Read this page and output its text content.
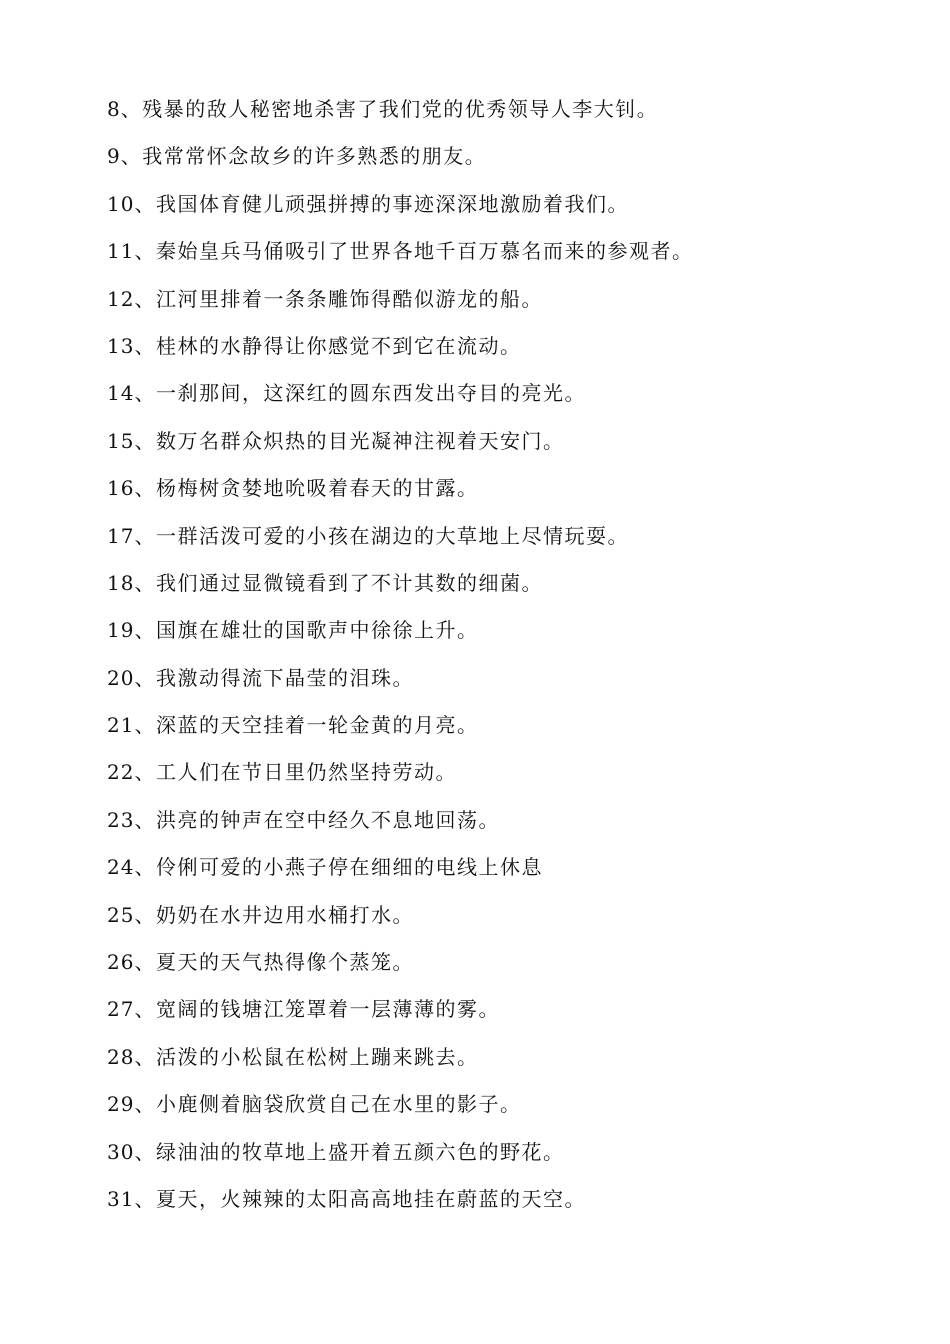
8、残暴的敌人秘密地杀害了我们党的优秀领导人李大钊。
9、我常常怀念故乡的许多熟悉的朋友。
10、我国体育健儿顽强拼搏的事迹深深地激励着我们。
11、秦始皇兵马俑吸引了世界各地千百万慕名而来的参观者。
12、江河里排着一条条雕饰得酷似游龙的船。
13、桂林的水静得让你感觉不到它在流动。
14、一刹那间，这深红的圆东西发出夺目的亮光。
15、数万名群众炽热的目光凝神注视着天安门。
16、杨梅树贪婪地吮吸着春天的甘露。
17、一群活泼可爱的小孩在湖边的大草地上尽情玩耍。
18、我们通过显微镜看到了不计其数的细菌。
19、国旗在雄壮的国歌声中徐徐上升。
20、我激动得流下晶莹的泪珠。
21、深蓝的天空挂着一轮金黄的月亮。
22、工人们在节日里仍然坚持劳动。
23、洪亮的钟声在空中经久不息地回荡。
24、伶俐可爱的小燕子停在细细的电线上休息
25、奶奶在水井边用水桶打水。
26、夏天的天气热得像个蒸笼。
27、宽阔的钱塘江笼罩着一层薄薄的雾。
28、活泼的小松鼠在松树上蹦来跳去。
29、小鹿侧着脑袋欣赏自己在水里的影子。
30、绿油油的牧草地上盛开着五颜六色的野花。
31、夏天，火辣辣的太阳高高地挂在蔚蓝的天空。
